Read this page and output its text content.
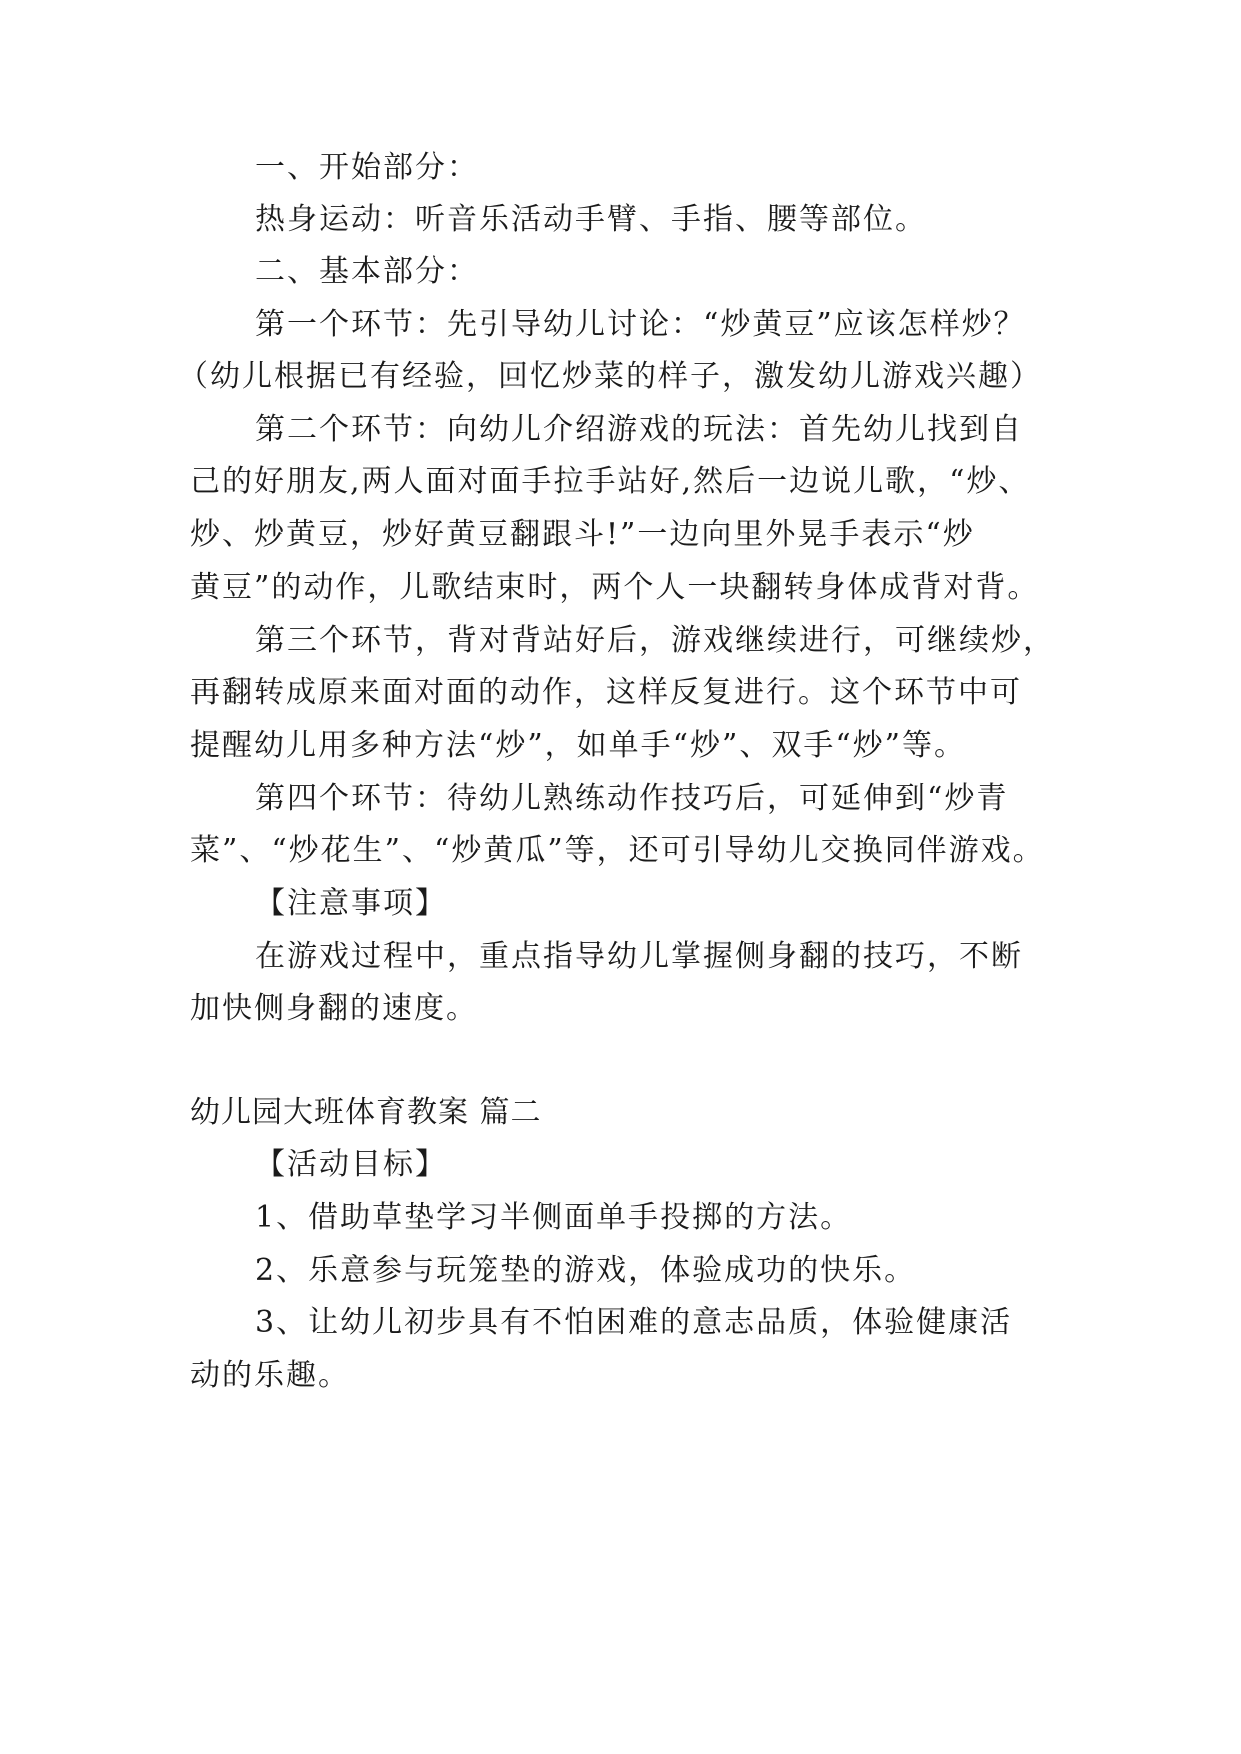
一、开始部分：
热身运动：听音乐活动手臂、手指、腰等部位。
二、基本部分：
第一个环节：先引导幼儿讨论：“炒黄豆”应该怎样炒？
（幼儿根据已有经验，回忆炒菜的样子，激发幼儿游戏兴趣）
第二个环节：向幼儿介绍游戏的玩法：首先幼儿找到自
己的好朋友,两人面对面手拉手站好,然后一边说儿歌，“炒、
炒、炒黄豆，炒好黄豆翻跟斗!”一边向里外晃手表示“炒
黄豆”的动作，儿歌结束时，两个人一块翻转身体成背对背。
第三个环节，背对背站好后，游戏继续进行，可继续炒，
再翻转成原来面对面的动作，这样反复进行。这个环节中可
提醒幼儿用多种方法“炒”，如单手“炒”、双手“炒”等。
第四个环节：待幼儿熟练动作技巧后，可延伸到“炒青
菜”、“炒花生”、“炒黄瓜”等，还可引导幼儿交换同伴游戏。
【注意事项】
在游戏过程中，重点指导幼儿掌握侧身翻的技巧，不断
加快侧身翻的速度。
幼儿园大班体育教案 篇二
【活动目标】
1、借助草垫学习半侧面单手投掷的方法。
2、乐意参与玩笼垫的游戏，体验成功的快乐。
3、让幼儿初步具有不怕困难的意志品质，体验健康活
动的乐趣。
